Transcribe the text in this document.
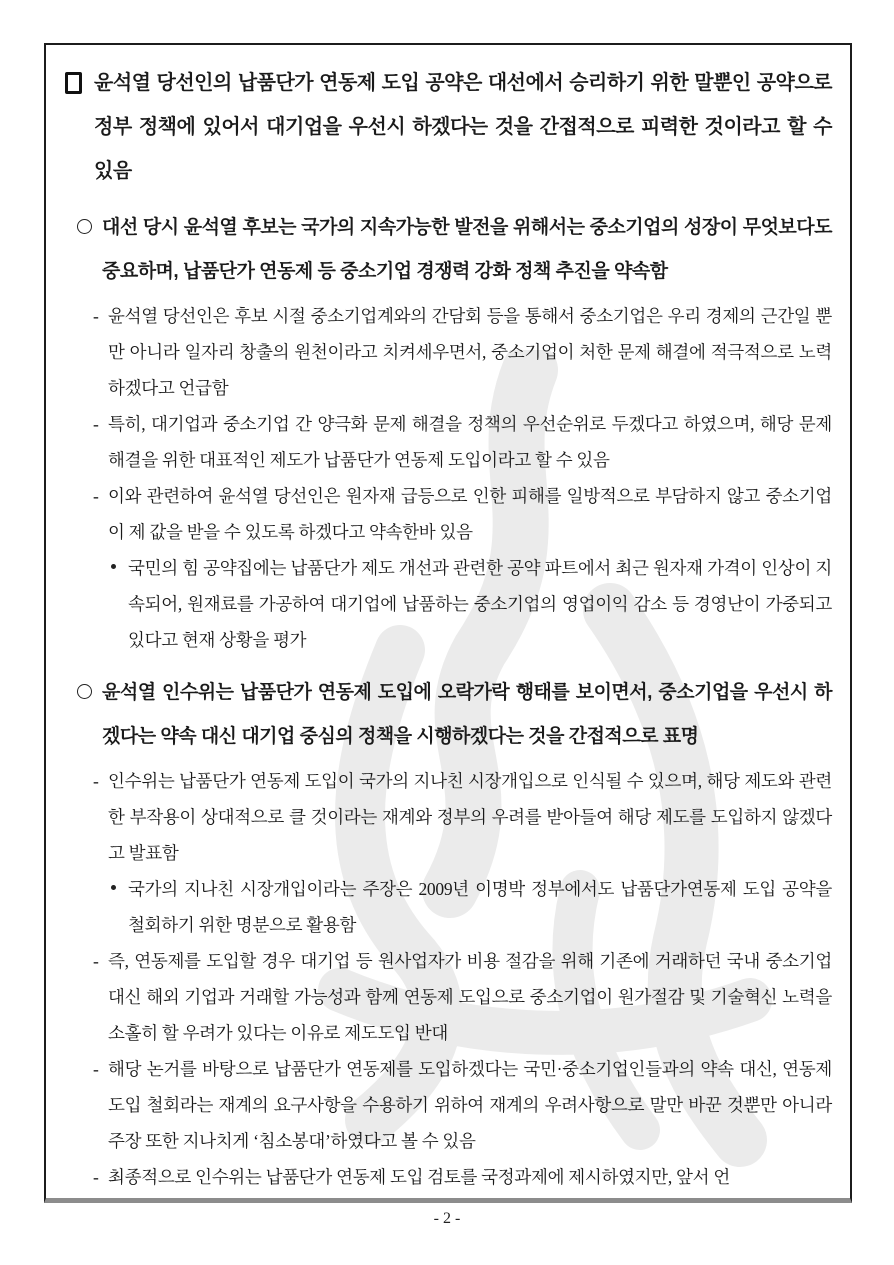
윤석열 당선인의 납품단가 연동제 도입 공약은 대선에서 승리하기 위한 말뿐인 공약으로 정부 정책에 있어서 대기업을 우선시 하겠다는 것을 간접적으로 피력한 것이라고 할 수 있음
대선 당시 윤석열 후보는 국가의 지속가능한 발전을 위해서는 중소기업의 성장이 무엇보다도 중요하며, 납품단가 연동제 등 중소기업 경쟁력 강화 정책 추진을 약속함
- 윤석열 당선인은 후보 시절 중소기업계와의 간담회 등을 통해서 중소기업은 우리 경제의 근간일 뿐만 아니라 일자리 창출의 원천이라고 치켜세우면서, 중소기업이 처한 문제 해결에 적극적으로 노력하겠다고 언급함
- 특히, 대기업과 중소기업 간 양극화 문제 해결을 정책의 우선순위로 두겠다고 하였으며, 해당 문제 해결을 위한 대표적인 제도가 납품단가 연동제 도입이라고 할 수 있음
- 이와 관련하여 윤석열 당선인은 원자재 급등으로 인한 피해를 일방적으로 부담하지 않고 중소기업이 제 값을 받을 수 있도록 하겠다고 약속한바 있음
국민의 힘 공약집에는 납품단가 제도 개선과 관련한 공약 파트에서 최근 원자재 가격이 인상이 지속되어, 원재료를 가공하여 대기업에 납품하는 중소기업의 영업이익 감소 등 경영난이 가중되고 있다고 현재 상황을 평가
윤석열 인수위는 납품단가 연동제 도입에 오락가락 행태를 보이면서, 중소기업을 우선시 하겠다는 약속 대신 대기업 중심의 정책을 시행하겠다는 것을 간접적으로 표명
- 인수위는 납품단가 연동제 도입이 국가의 지나친 시장개입으로 인식될 수 있으며, 해당 제도와 관련한 부작용이 상대적으로 클 것이라는 재계와 정부의 우려를 받아들여 해당 제도를 도입하지 않겠다고 발표함
국가의 지나친 시장개입이라는 주장은 2009년 이명박 정부에서도 납품단가연동제 도입 공약을 철회하기 위한 명분으로 활용함
- 즉, 연동제를 도입할 경우 대기업 등 원사업자가 비용 절감을 위해 기존에 거래하던 국내 중소기업 대신 해외 기업과 거래할 가능성과 함께 연동제 도입으로 중소기업이 원가절감 및 기술혁신 노력을 소홀히 할 우려가 있다는 이유로 제도도입 반대
- 해당 논거를 바탕으로 납품단가 연동제를 도입하겠다는 국민·중소기업인들과의 약속 대신, 연동제 도입 철회라는 재계의 요구사항을 수용하기 위하여 재계의 우려사항으로 말만 바꾼 것뿐만 아니라 주장 또한 지나치게 ‘침소봉대’하였다고 볼 수 있음
- 최종적으로 인수위는 납품단가 연동제 도입 검토를 국정과제에 제시하였지만, 앞서 언
- 2 -
